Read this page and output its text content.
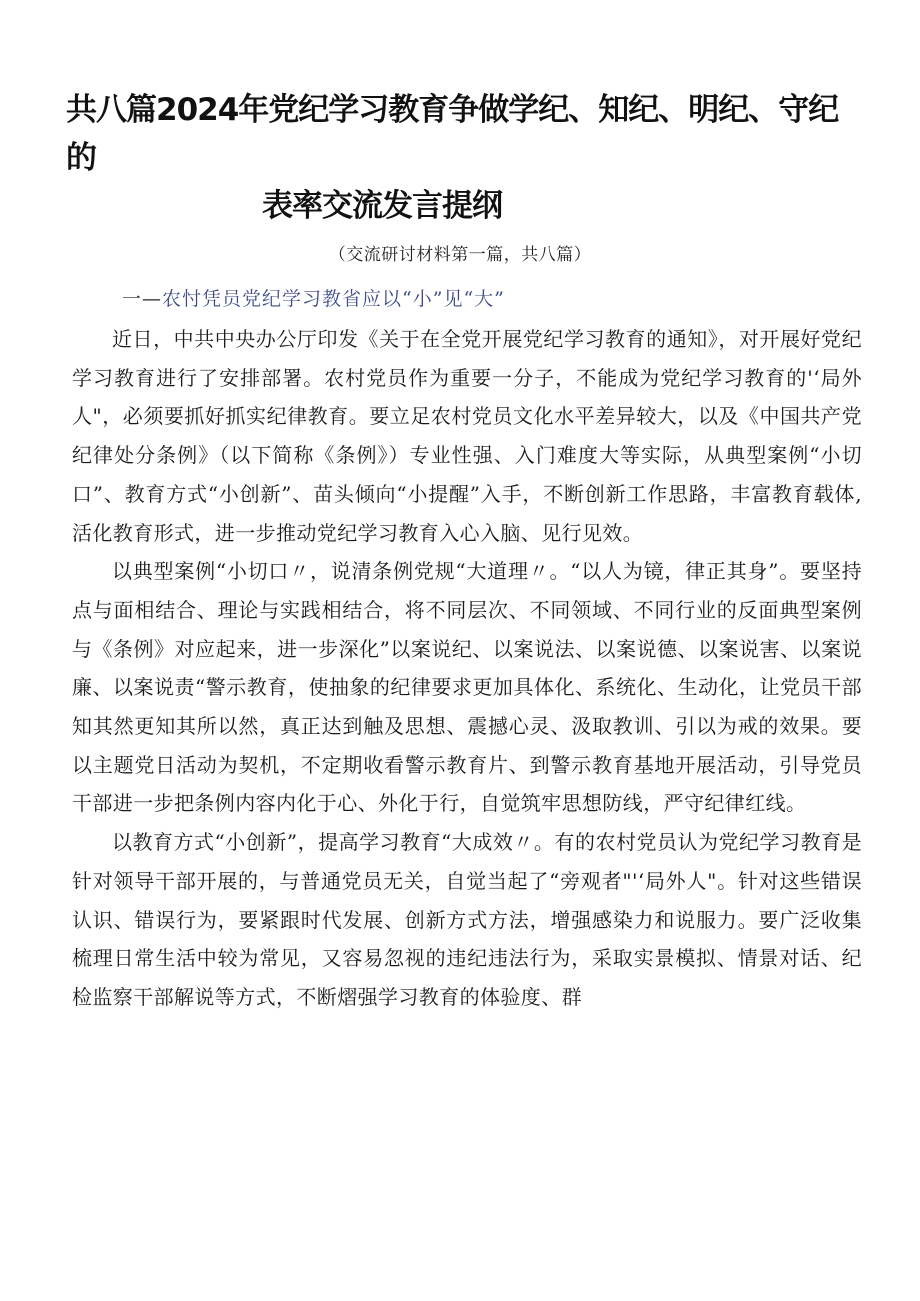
共八篇2024年党纪学习教育争做学纪、知纪、明纪、守纪的
表率交流发言提纲
（交流研讨材料第一篇，共八篇）
一—农忖凭员党纪学习教省应以“小”见“大”

近日，中共中央办公厅印发《关于在全党开展党纪学习教育的通知》，对开展好党纪学习教育进行了安排部署。农村党员作为重要一分子，不能成为党纪学习教育的'‘局外人"，必须要抓好抓实纪律教育。要立足农村党员文化水平差异较大，以及《中国共产党纪律处分条例》（以下简称《条例》）专业性强、入门难度大等实际，从典型案例“小切口”、教育方式“小创新”、苗头倾向“小提醒”入手，不断创新工作思路，丰富教育载体,活化教育形式，进一步推动党纪学习教育入心入脑、见行见效。

以典型案例“小切口〃，说清条例党规“大道理〃。“以人为镜，律正其身”。要坚持点与面相结合、理论与实践相结合，将不同层次、不同领域、不同行业的反面典型案例与《条例》对应起来，进一步深化”以案说纪、以案说法、以案说德、以案说害、以案说廉、以案说责“警示教育，使抽象的纪律要求更加具体化、系统化、生动化，让党员干部知其然更知其所以然，真正达到触及思想、震撼心灵、汲取教训、引以为戒的效果。要以主题党日活动为契机，不定期收看警示教育片、到警示教育基地开展活动，引导党员干部进一步把条例内容内化于心、外化于行，自觉筑牢思想防线，严守纪律红线。

以教育方式“小创新”，提高学习教育“大成效〃。有的农村党员认为党纪学习教育是针对领导干部开展的，与普通党员无关，自觉当起了“旁观者"'‘局外人"。针对这些错误认识、错误行为，要紧跟时代发展、创新方式方法，增强感染力和说服力。要广泛收集梳理日常生活中较为常见，又容易忽视的违纪违法行为，采取实景模拟、情景对话、纪检监察干部解说等方式，不断熠强学习教育的体验度、群
